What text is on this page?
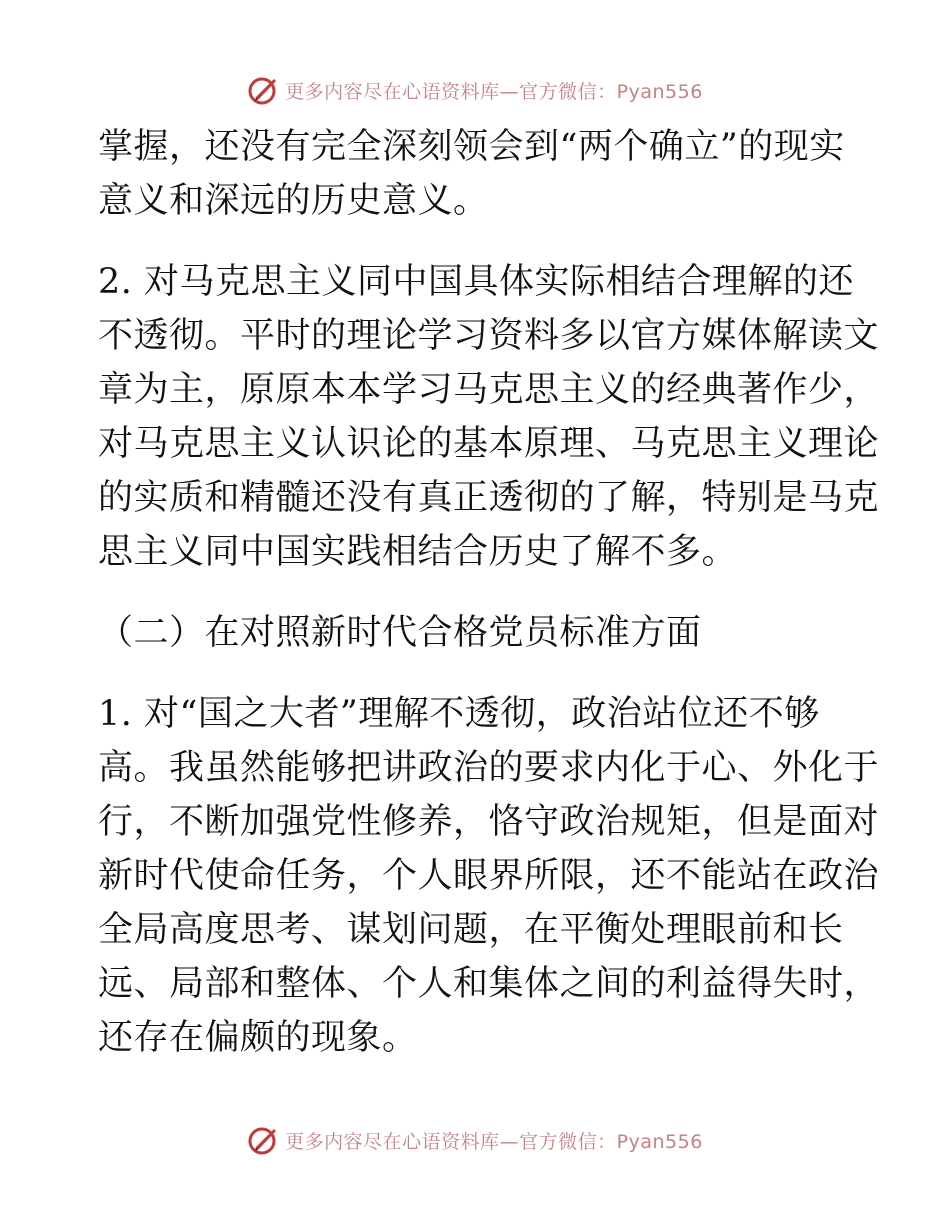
更多内容尽在心语资料库—官方微信：Pyan556

掌握，还没有完全深刻领会到“两个确立”的现实
意义和深远的历史意义。

2. 对马克思主义同中国具体实际相结合理解的还
不透彻。平时的理论学习资料多以官方媒体解读文
章为主，原原本本学习马克思主义的经典著作少，
对马克思主义认识论的基本原理、马克思主义理论
的实质和精髓还没有真正透彻的了解，特别是马克
思主义同中国实践相结合历史了解不多。

（二）在对照新时代合格党员标准方面

1. 对“国之大者”理解不透彻，政治站位还不够
高。我虽然能够把讲政治的要求内化于心、外化于
行，不断加强党性修养，恪守政治规矩，但是面对
新时代使命任务，个人眼界所限，还不能站在政治
全局高度思考、谋划问题，在平衡处理眼前和长
远、局部和整体、个人和集体之间的利益得失时，
还存在偏颇的现象。

更多内容尽在心语资料库—官方微信：Pyan556
